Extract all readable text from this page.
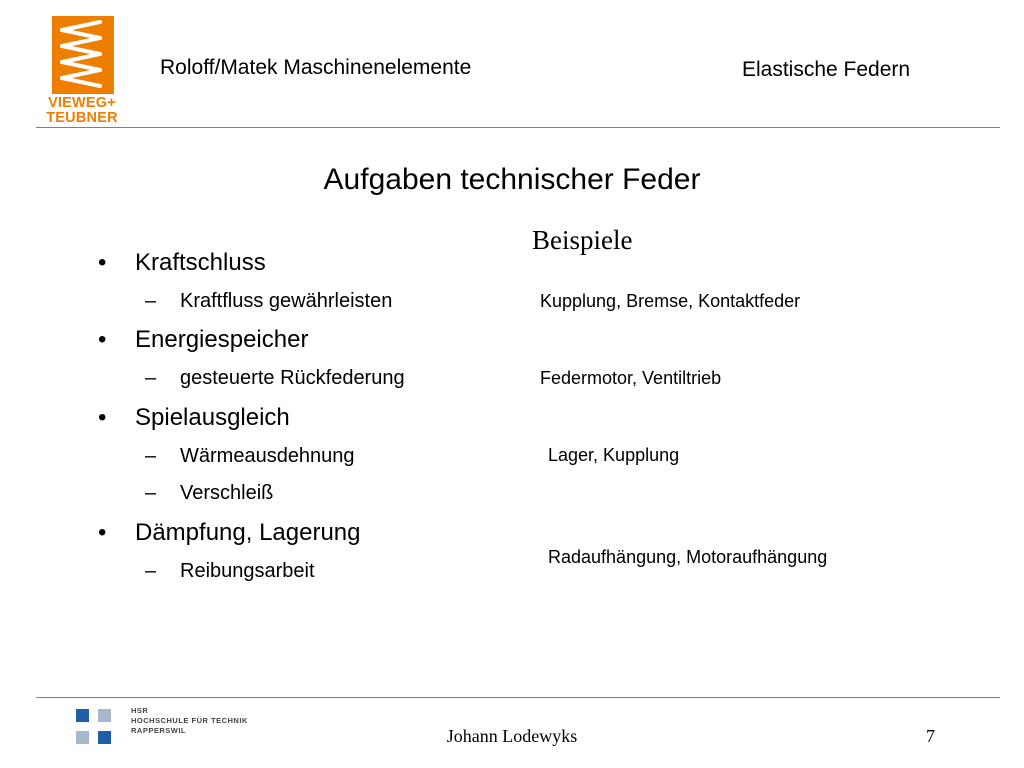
VIEWEG+
TEUBNER
Roloff/Matek Maschinenelemente	Elastische Federn
Aufgaben technischer Feder
Beispiele
• Kraftschluss
– Kraftfluss gewährleisten
• Energiespeicher
– gesteuerte Rückfederung
• Spielausgleich
– Wärmeausdehnung
– Verschleiß
• Dämpfung, Lagerung
– Reibungsarbeit
Kupplung, Bremse, Kontaktfeder
Federmotor, Ventiltrieb
Lager, Kupplung
Radaufhängung, Motoraufhängung
HSR
HOCHSCHULE FÜR TECHNIK
RAPPERSWIL	Johann Lodewyks	7
